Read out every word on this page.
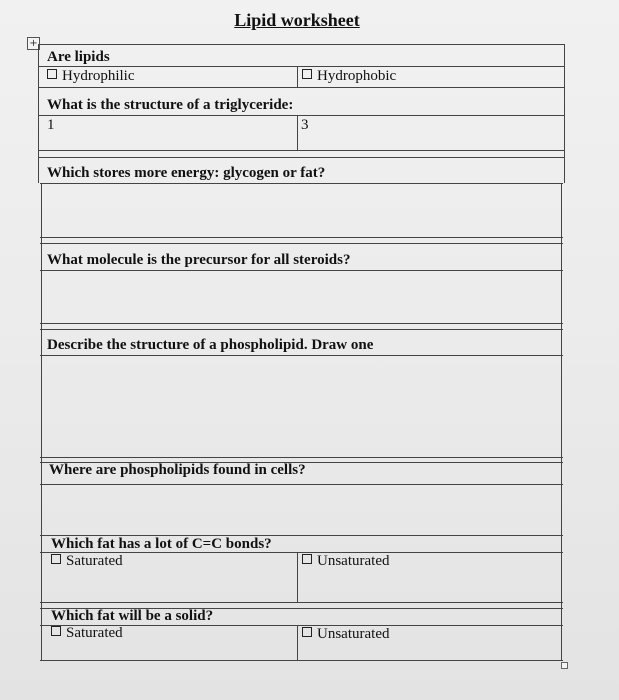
Lipid worksheet
+
Are lipids
Hydrophilic	Hydrophobic
What is the structure of a triglyceride:
1	3
Which stores more energy: glycogen or fat?
What molecule is the precursor for all steroids?
Describe the structure of a phospholipid. Draw one
Where are phospholipids found in cells?
Which fat has a lot of C=C bonds?
Saturated	Unsaturated
Which fat will be a solid?
Saturated	Unsaturated
